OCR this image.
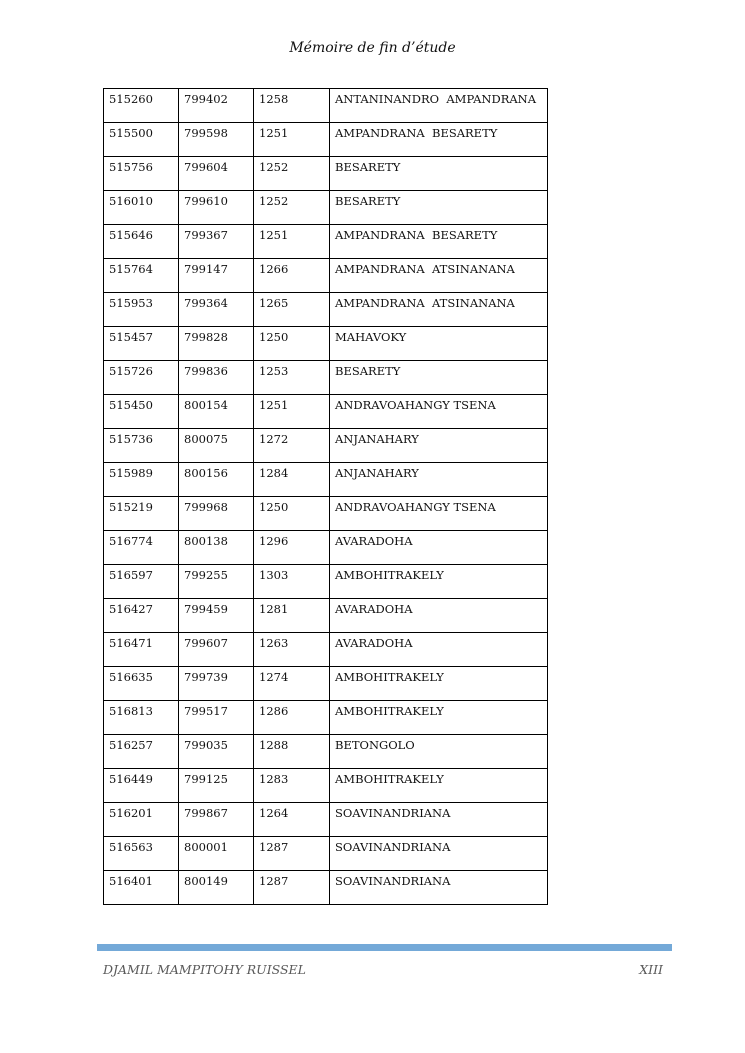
Mémoire de fin d’étude
515260	799402	1258	ANTANINANDRO  AMPANDRANA
515500	799598	1251	AMPANDRANA  BESARETY
515756	799604	1252	BESARETY
516010	799610	1252	BESARETY
515646	799367	1251	AMPANDRANA  BESARETY
515764	799147	1266	AMPANDRANA  ATSINANANA
515953	799364	1265	AMPANDRANA  ATSINANANA
515457	799828	1250	MAHAVOKY
515726	799836	1253	BESARETY
515450	800154	1251	ANDRAVOAHANGY TSENA
515736	800075	1272	ANJANAHARY
515989	800156	1284	ANJANAHARY
515219	799968	1250	ANDRAVOAHANGY TSENA
516774	800138	1296	AVARADOHA
516597	799255	1303	AMBOHITRAKELY
516427	799459	1281	AVARADOHA
516471	799607	1263	AVARADOHA
516635	799739	1274	AMBOHITRAKELY
516813	799517	1286	AMBOHITRAKELY
516257	799035	1288	BETONGOLO
516449	799125	1283	AMBOHITRAKELY
516201	799867	1264	SOAVINANDRIANA
516563	800001	1287	SOAVINANDRIANA
516401	800149	1287	SOAVINANDRIANA
DJAMIL MAMPITOHY RUISSEL	XIII
